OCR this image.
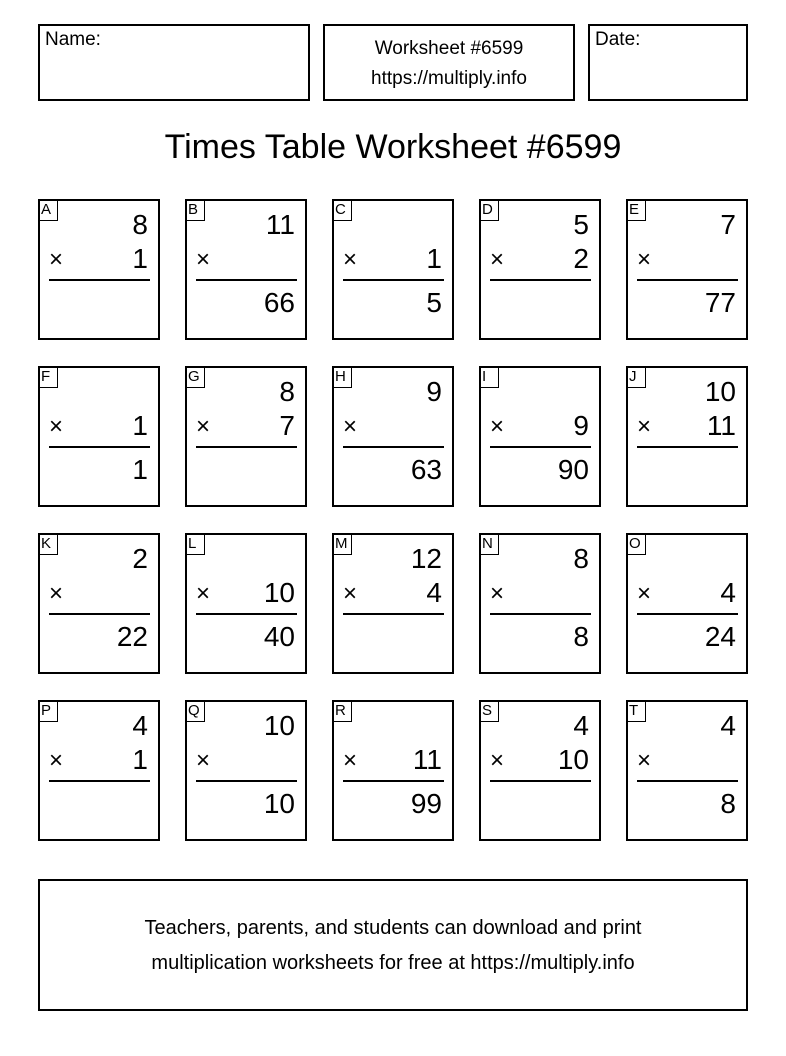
Name:	Worksheet #6599
https://multiply.info
Date:
Times Table Worksheet #6599
A	8
× 1
B 11
×
66
C
× 1
5
D	5
× 2
E	7
×
77
F
× 1
1
G	8
× 7
H	9
×
63
I
× 9
90
J	10
× 11
K	2
×
22
L
× 10
40
M 12
× 4
N	8
×
8
O
× 4
24
P	4
× 1
Q 10
×
10
R
× 11
99
S	4
× 10
T	4
×
8
Teachers, parents, and students can download and print
multiplication worksheets for free at https://multiply.info
